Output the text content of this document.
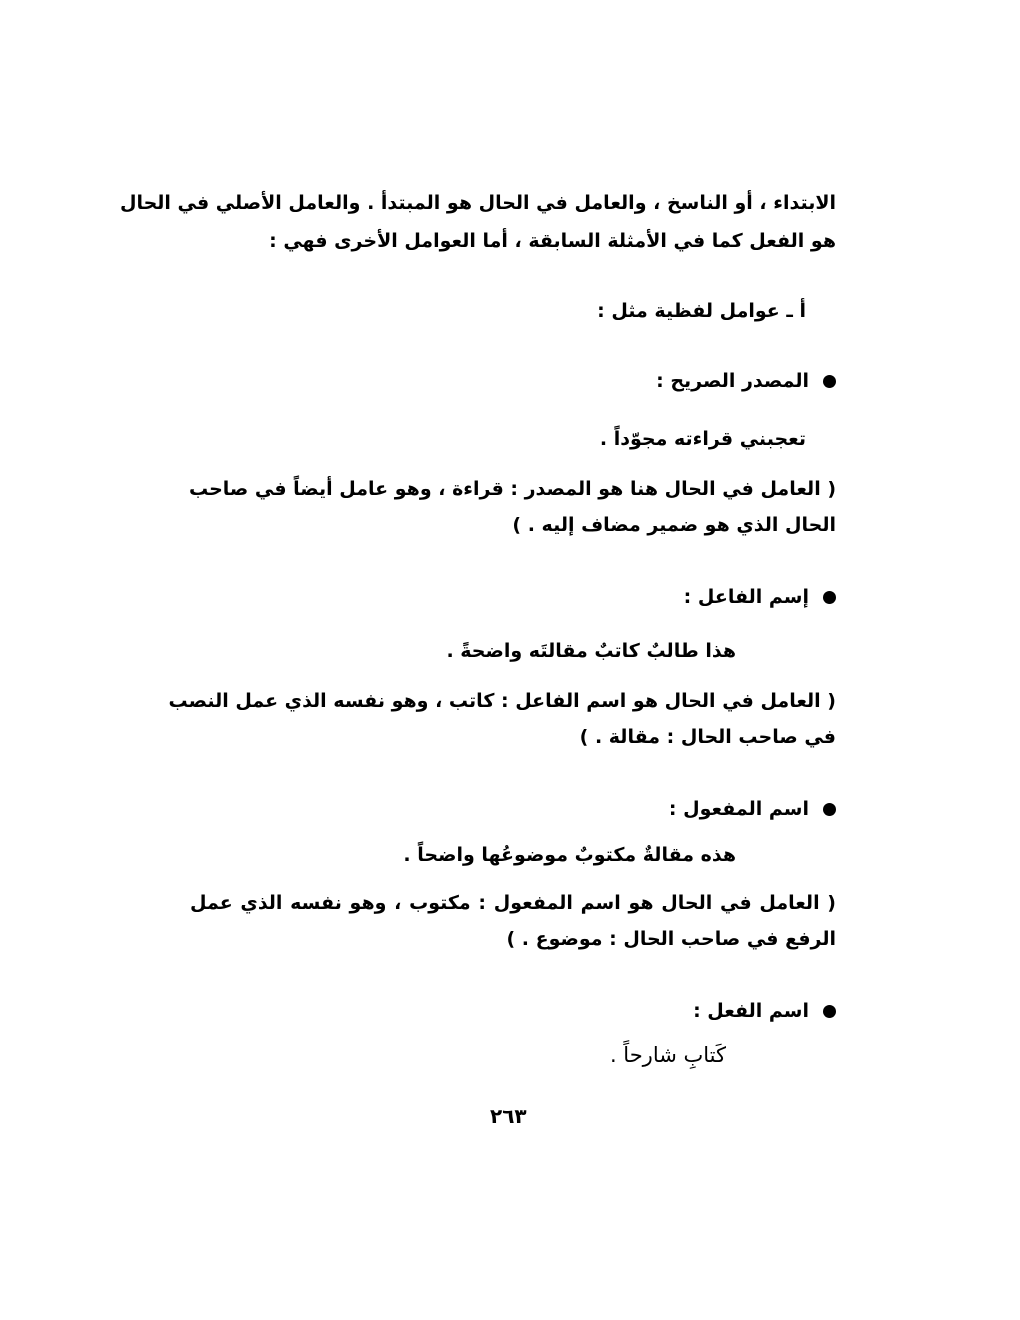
الابتداء ، أو الناسخ ، والعامل في الحال هو المبتدأ . والعامل الأصلي في الحال
هو الفعل كما في الأمثلة السابقة ، أما العوامل الأخرى فهي :
أ ـ عوامل لفظية مثل :
المصدر الصريح :
تعجبني قراءته مجوّداً .
( العامل في الحال هنا هو المصدر : قراءة ، وهو عامل أيضاً في صاحب
الحال الذي هو ضمير مضاف إليه . )
إسم الفاعل :
هذا طالبٌ كاتبٌ مقالتَه واضحةً .
( العامل في الحال هو اسم الفاعل : كاتب ، وهو نفسه الذي عمل النصب
في صاحب الحال : مقالة . )
اسم المفعول :
هذه مقالةٌ مكتوبٌ موضوعُها واضحاً .
( العامل في الحال هو اسم المفعول : مكتوب ، وهو نفسه الذي عمل
الرفع في صاحب الحال : موضوع . )
اسم الفعل :
كَتابِ شارحاً .
٢٦٣
